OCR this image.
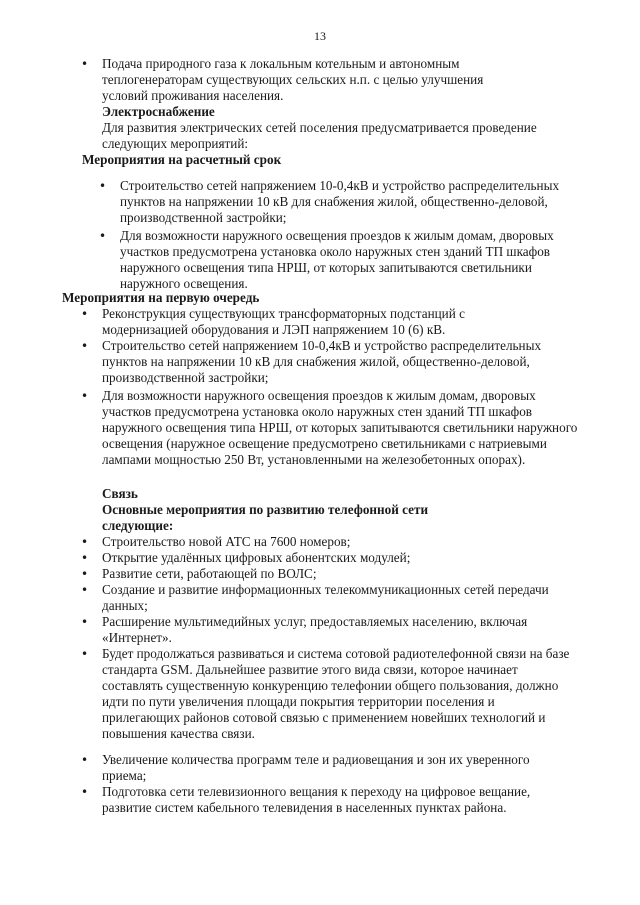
13
• Подача природного газа к локальным котельным и автономным теплогенераторам существующих сельских н.п. с целью улучшения условий проживания населения.
Электроснабжение
Для развития электрических сетей поселения предусматривается проведение следующих мероприятий:
Мероприятия на расчетный срок
• Строительство сетей напряжением 10-0,4кВ и устройство распределительных пунктов на напряжении 10 кВ для снабжения жилой, общественно-деловой, производственной застройки;
• Для возможности наружного освещения проездов к жилым домам, дворовых участков предусмотрена установка около наружных стен зданий ТП шкафов наружного освещения типа НРШ, от которых запитываются светильники наружного освещения.
Мероприятия на первую очередь
• Реконструкция существующих трансформаторных подстанций с модернизацией оборудования и ЛЭП напряжением 10 (6) кВ.
• Строительство сетей напряжением 10-0,4кВ и устройство распределительных пунктов на напряжении 10 кВ для снабжения жилой, общественно-деловой, производственной застройки;
• Для возможности наружного освещения проездов к жилым домам, дворовых участков предусмотрена установка около наружных стен зданий ТП шкафов наружного освещения типа НРШ, от которых запитываются светильники наружного освещения (наружное освещение предусмотрено светильниками с натриевыми лампами мощностью 250 Вт, установленными на железобетонных опорах).
Связь
Основные мероприятия по развитию телефонной сети следующие:
• Строительство новой АТС на 7600 номеров;
• Открытие удалённых цифровых абонентских модулей;
• Развитие сети, работающей по ВОЛС;
• Создание и развитие информационных телекоммуникационных сетей передачи данных;
• Расширение мультимедийных услуг, предоставляемых населению, включая «Интернет».
• Будет продолжаться развиваться и система сотовой радиотелефонной связи на базе стандарта GSM. Дальнейшее развитие этого вида связи, которое начинает составлять существенную конкуренцию телефонии общего пользования, должно идти по пути увеличения площади покрытия территории поселения и прилегающих районов сотовой связью с применением новейших технологий и повышения качества связи.
• Увеличение количества программ теле и радиовещания и зон их уверенного приема;
• Подготовка сети телевизионного вещания к переходу на цифровое вещание, развитие систем кабельного телевидения в населенных пунктах района.
